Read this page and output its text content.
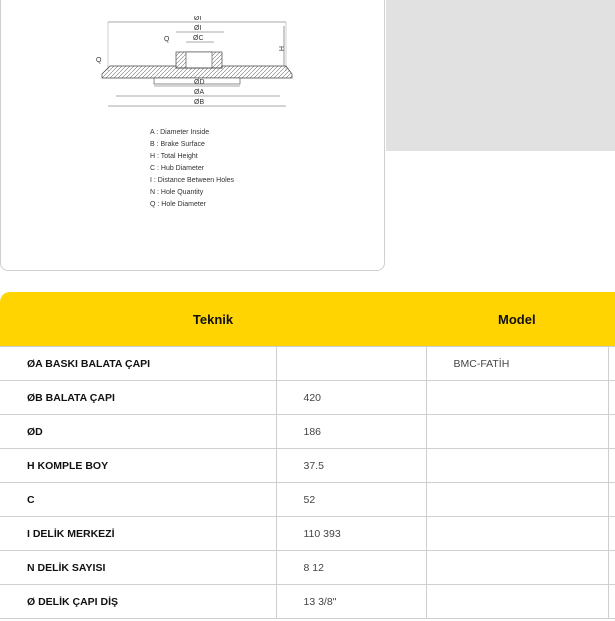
ØI
ØI
ØC
Q
Q
H
ØD
ØA
ØB
A : Diameter Inside
B : Brake Surface
H : Total Height
C : Hub Diameter
I : Distance Between Holes
N : Hole Quantity
Q : Hole Diameter
Teknik		Model	
ØA BASKI BALATA ÇAPI		BMC-FATİH	
ØB BALATA ÇAPI	420		
ØD	186		
H KOMPLE BOY	37.5		
C	52		
I DELİK MERKEZİ	110 393		
N DELİK SAYISI	8 12		
Ø DELİK ÇAPI DİŞ	13 3/8"		
